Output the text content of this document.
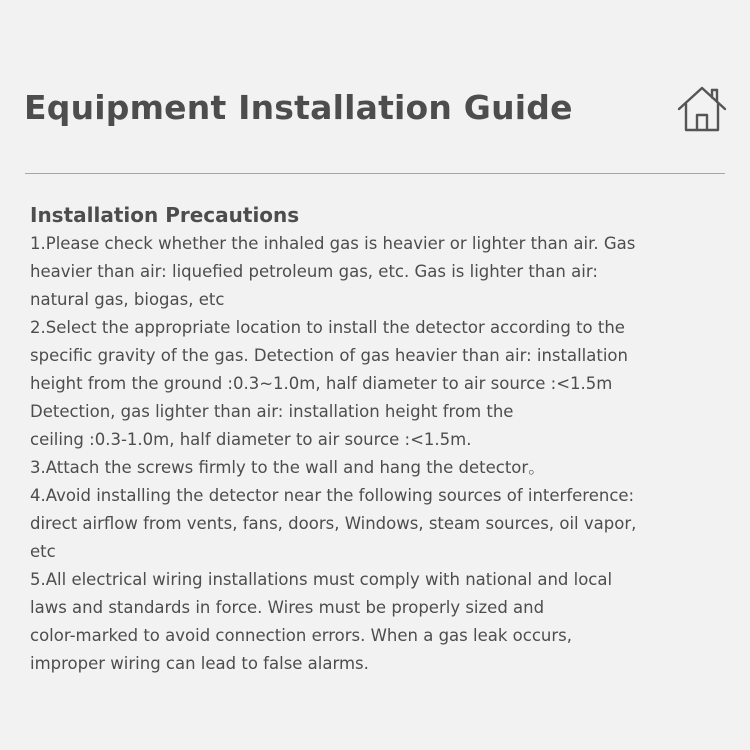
Equipment Installation Guide
Installation Precautions
1.Please check whether the inhaled gas is heavier or lighter than air. Gas
heavier than air: liquefied petroleum gas, etc. Gas is lighter than air:
natural gas, biogas, etc
2.Select the appropriate location to install the detector according to the
specific gravity of the gas. Detection of gas heavier than air: installation
height from the ground :0.3~1.0m, half diameter to air source :<1.5m
Detection, gas lighter than air: installation height from the
ceiling :0.3-1.0m, half diameter to air source :<1.5m.
3.Attach the screws firmly to the wall and hang the detector。
4.Avoid installing the detector near the following sources of interference:
direct airflow from vents, fans, doors, Windows, steam sources, oil vapor,
etc
5.All electrical wiring installations must comply with national and local
laws and standards in force. Wires must be properly sized and
color-marked to avoid connection errors. When a gas leak occurs,
improper wiring can lead to false alarms.
